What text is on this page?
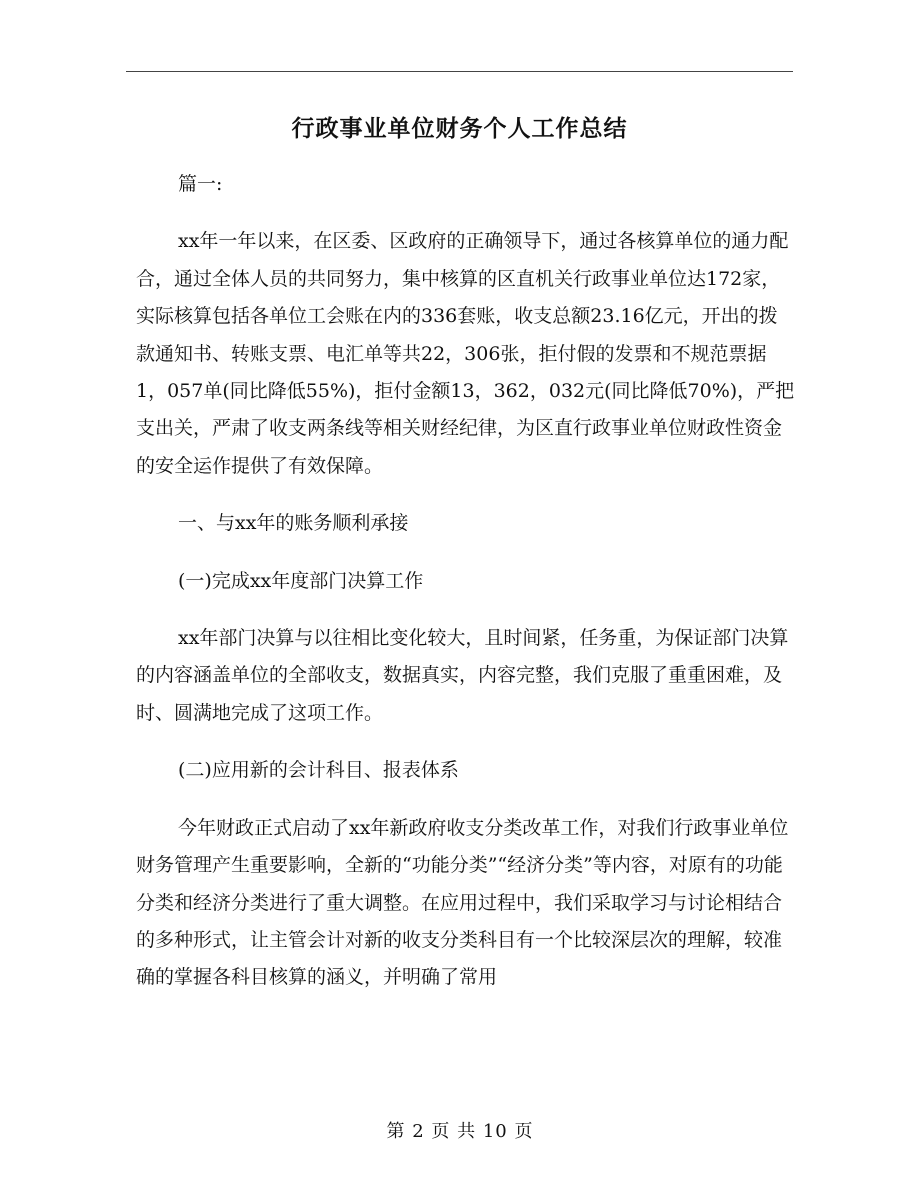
行政事业单位财务个人工作总结

篇一:

xx年一年以来，在区委、区政府的正确领导下，通过各核算单位的通力配合，通过全体人员的共同努力，集中核算的区直机关行政事业单位达172家，实际核算包括各单位工会账在内的336套账，收支总额23.16亿元，开出的拨款通知书、转账支票、电汇单等共22，306张，拒付假的发票和不规范票据1，057单(同比降低55%)，拒付金额13，362，032元(同比降低70%)，严把支出关，严肃了收支两条线等相关财经纪律，为区直行政事业单位财政性资金的安全运作提供了有效保障。

一、与xx年的账务顺利承接

(一)完成xx年度部门决算工作

xx年部门决算与以往相比变化较大，且时间紧，任务重，为保证部门决算的内容涵盖单位的全部收支，数据真实，内容完整，我们克服了重重困难，及时、圆满地完成了这项工作。

(二)应用新的会计科目、报表体系

今年财政正式启动了xx年新政府收支分类改革工作，对我们行政事业单位财务管理产生重要影响，全新的“功能分类”“经济分类”等内容，对原有的功能分类和经济分类进行了重大调整。在应用过程中，我们采取学习与讨论相结合的多种形式，让主管会计对新的收支分类科目有一个比较深层次的理解，较准确的掌握各科目核算的涵义，并明确了常用

第 2 页 共 10 页
